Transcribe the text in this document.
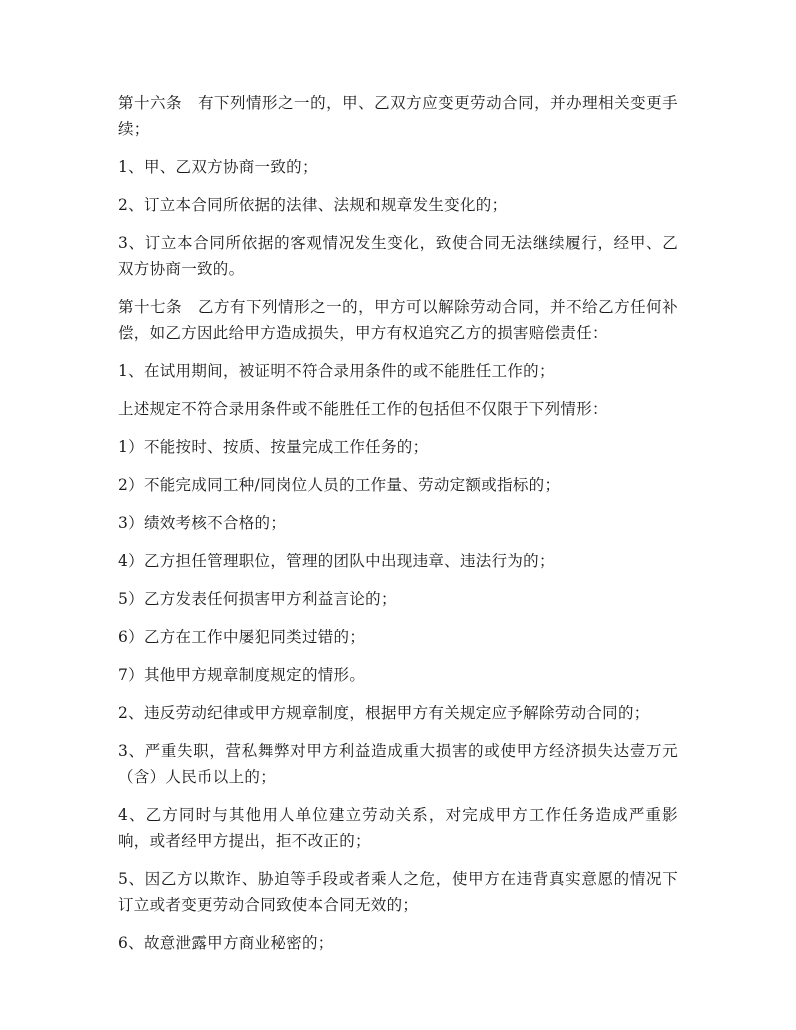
第十六条　有下列情形之一的，甲、乙双方应变更劳动合同，并办理相关变更手续；

1、甲、乙双方协商一致的；

2、订立本合同所依据的法律、法规和规章发生变化的；

3、订立本合同所依据的客观情况发生变化，致使合同无法继续履行，经甲、乙双方协商一致的。

第十七条　乙方有下列情形之一的，甲方可以解除劳动合同，并不给乙方任何补偿，如乙方因此给甲方造成损失，甲方有权追究乙方的损害赔偿责任：

1、在试用期间，被证明不符合录用条件的或不能胜任工作的；

上述规定不符合录用条件或不能胜任工作的包括但不仅限于下列情形：

1）不能按时、按质、按量完成工作任务的；

2）不能完成同工种/同岗位人员的工作量、劳动定额或指标的；

3）绩效考核不合格的；

4）乙方担任管理职位，管理的团队中出现违章、违法行为的；

5）乙方发表任何损害甲方利益言论的；

6）乙方在工作中屡犯同类过错的；

7）其他甲方规章制度规定的情形。

2、违反劳动纪律或甲方规章制度，根据甲方有关规定应予解除劳动合同的；

3、严重失职，营私舞弊对甲方利益造成重大损害的或使甲方经济损失达壹万元（含）人民币以上的；

4、乙方同时与其他用人单位建立劳动关系，对完成甲方工作任务造成严重影响，或者经甲方提出，拒不改正的；

5、因乙方以欺诈、胁迫等手段或者乘人之危，使甲方在违背真实意愿的情况下订立或者变更劳动合同致使本合同无效的；

6、故意泄露甲方商业秘密的；
